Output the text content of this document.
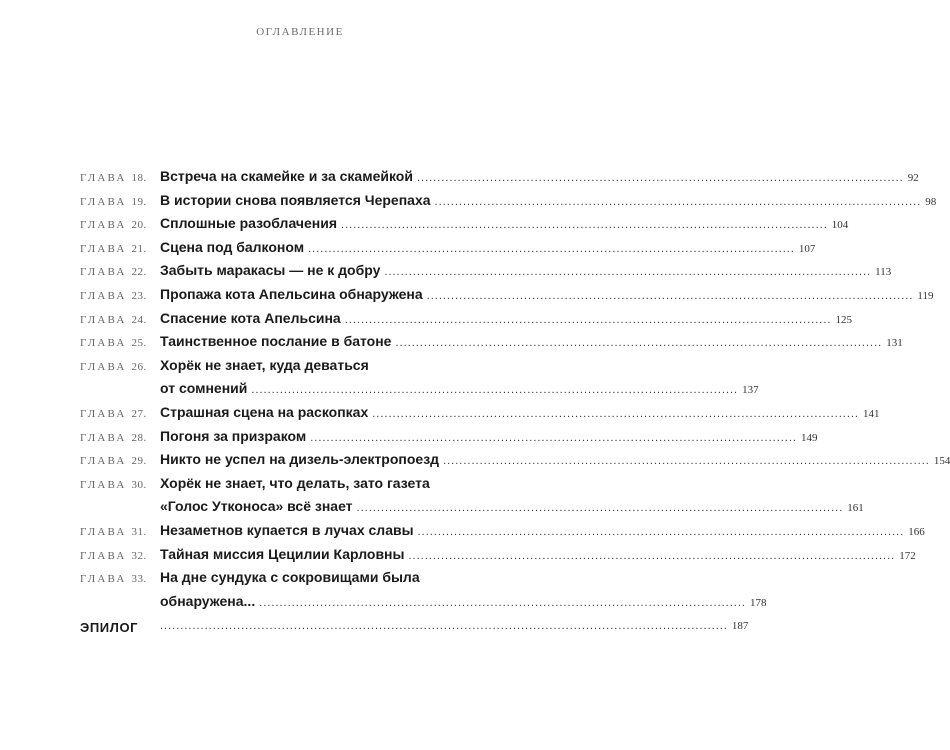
ОГЛАВЛЕНИЕ
ГЛАВА 18. Встреча на скамейке и за скамейкой ........................................................................................................................ 92
ГЛАВА 19. В истории снова появляется Черепаха ........................................................................................................................ 98
ГЛАВА 20. Сплошные разоблачения ........................................................................................................................ 104
ГЛАВА 21. Сцена под балконом ........................................................................................................................ 107
ГЛАВА 22. Забыть маракасы — не к добру ........................................................................................................................ 113
ГЛАВА 23. Пропажа кота Апельсина обнаружена ........................................................................................................................ 119
ГЛАВА 24. Спасение кота Апельсина ........................................................................................................................ 125
ГЛАВА 25. Таинственное послание в батоне ........................................................................................................................ 131
ГЛАВА 26. Хорёк не знает, куда деваться
от сомнений ........................................................................................................................ 137
ГЛАВА 27. Страшная сцена на раскопках ........................................................................................................................ 141
ГЛАВА 28. Погоня за призраком ........................................................................................................................ 149
ГЛАВА 29. Никто не успел на дизель-электропоезд ........................................................................................................................ 154
ГЛАВА 30. Хорёк не знает, что делать, зато газета
«Голос Утконоса» всё знает ........................................................................................................................ 161
ГЛАВА 31. Незаметнов купается в лучах славы ........................................................................................................................ 166
ГЛАВА 32. Тайная миссия Цецилии Карловны ........................................................................................................................ 172
ГЛАВА 33. На дне сундука с сокровищами была
обнаружена... ........................................................................................................................ 178
ЭПИЛОГ ............................................................................................................................................ 187
